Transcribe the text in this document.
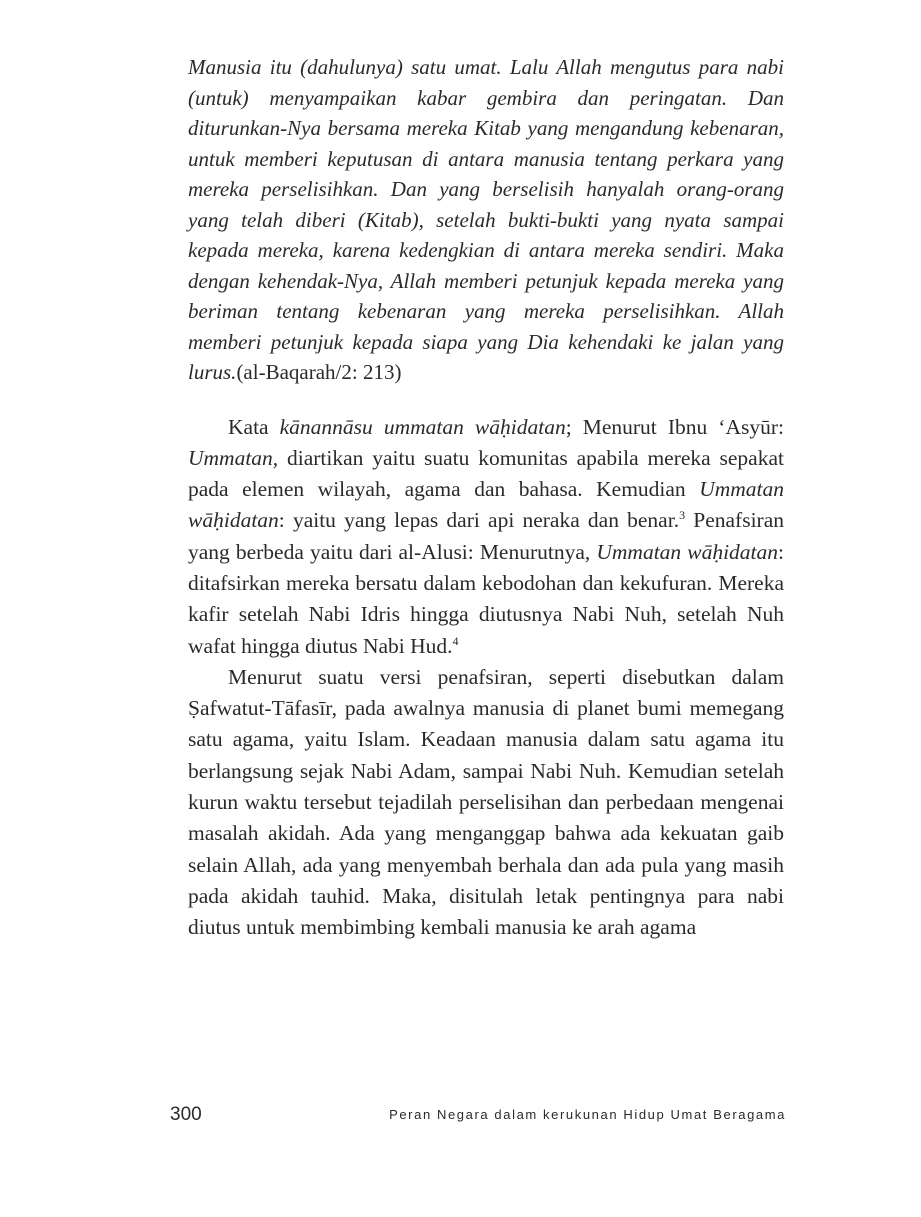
Manusia itu (dahulunya) satu umat. Lalu Allah mengutus para nabi (untuk) menyampaikan kabar gembira dan peringatan. Dan diturunkan-Nya bersama mereka Kitab yang mengandung kebenaran, untuk memberi keputusan di antara manusia tentang perkara yang mereka perselisihkan. Dan yang berselisih hanyalah orang-orang yang telah diberi (Kitab), setelah bukti-bukti yang nyata sampai kepada mereka, karena kedengkian di antara mereka sendiri. Maka dengan kehendak-Nya, Allah memberi petunjuk kepada mereka yang beriman tentang kebenaran yang mereka perselisihkan. Allah memberi petunjuk kepada siapa yang Dia kehendaki ke jalan yang lurus.(al-Baqarah/2: 213)

Kata kānannāsu ummatan wāḥidatan; Menurut Ibnu ‘Asyūr: Ummatan, diartikan yaitu suatu komunitas apabila mereka sepakat pada elemen wilayah, agama dan bahasa. Kemudian Ummatan wāḥidatan: yaitu yang lepas dari api neraka dan benar.$^3$ Penafsiran yang berbeda yaitu dari al-Alusi: Menurutnya, Ummatan wāḥidatan: ditafsirkan mereka bersatu dalam kebodohan dan kekufuran. Mereka kafir setelah Nabi Idris hingga diutusnya Nabi Nuh, setelah Nuh wafat hingga diutus Nabi Hud.$^4$

Menurut suatu versi penafsiran, seperti disebutkan dalam Ṣafwatut-Tāfasīr, pada awalnya manusia di planet bumi memegang satu agama, yaitu Islam. Keadaan manusia dalam satu agama itu berlangsung sejak Nabi Adam, sampai Nabi Nuh. Kemudian setelah kurun waktu tersebut tejadilah perselisihan dan perbedaan mengenai masalah akidah. Ada yang menganggap bahwa ada kekuatan gaib selain Allah, ada yang menyembah berhala dan ada pula yang masih pada akidah tauhid. Maka, disitulah letak pentingnya para nabi diutus untuk membimbing kembali manusia ke arah agama

300	Peran Negara dalam kerukunan Hidup Umat Beragama
